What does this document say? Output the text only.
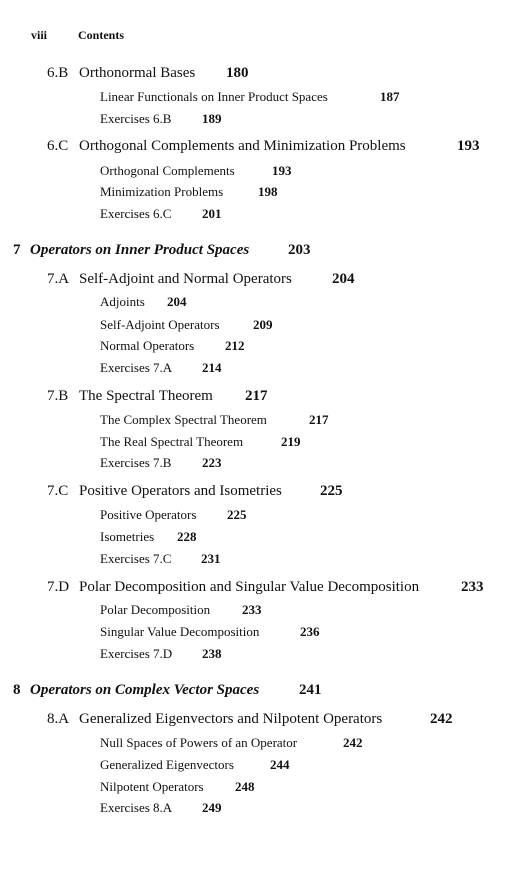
viii	Contents
6.B Orthonormal Bases 180
Linear Functionals on Inner Product Spaces	187
Exercises 6.B 189
6.C Orthogonal Complements and Minimization Problems	193
Orthogonal Complements	193
Minimization Problems	198
Exercises 6.C 201
7 Operators on Inner Product Spaces	203
7.A Self-Adjoint and Normal Operators	204
Adjoints 204
Self-Adjoint Operators	209
Normal Operators 212
Exercises 7.A 214
7.B The Spectral Theorem 217
The Complex Spectral Theorem	217
The Real Spectral Theorem	219
Exercises 7.B 223
7.C Positive Operators and Isometries	225
Positive Operators 225
Isometries 228
Exercises 7.C 231
7.D Polar Decomposition and Singular Value Decomposition	233
Polar Decomposition 233
Singular Value Decomposition	236
Exercises 7.D 238
8 Operators on Complex Vector Spaces	241
8.A Generalized Eigenvectors and Nilpotent Operators	242
Null Spaces of Powers of an Operator	242
Generalized Eigenvectors	244
Nilpotent Operators 248
Exercises 8.A 249
